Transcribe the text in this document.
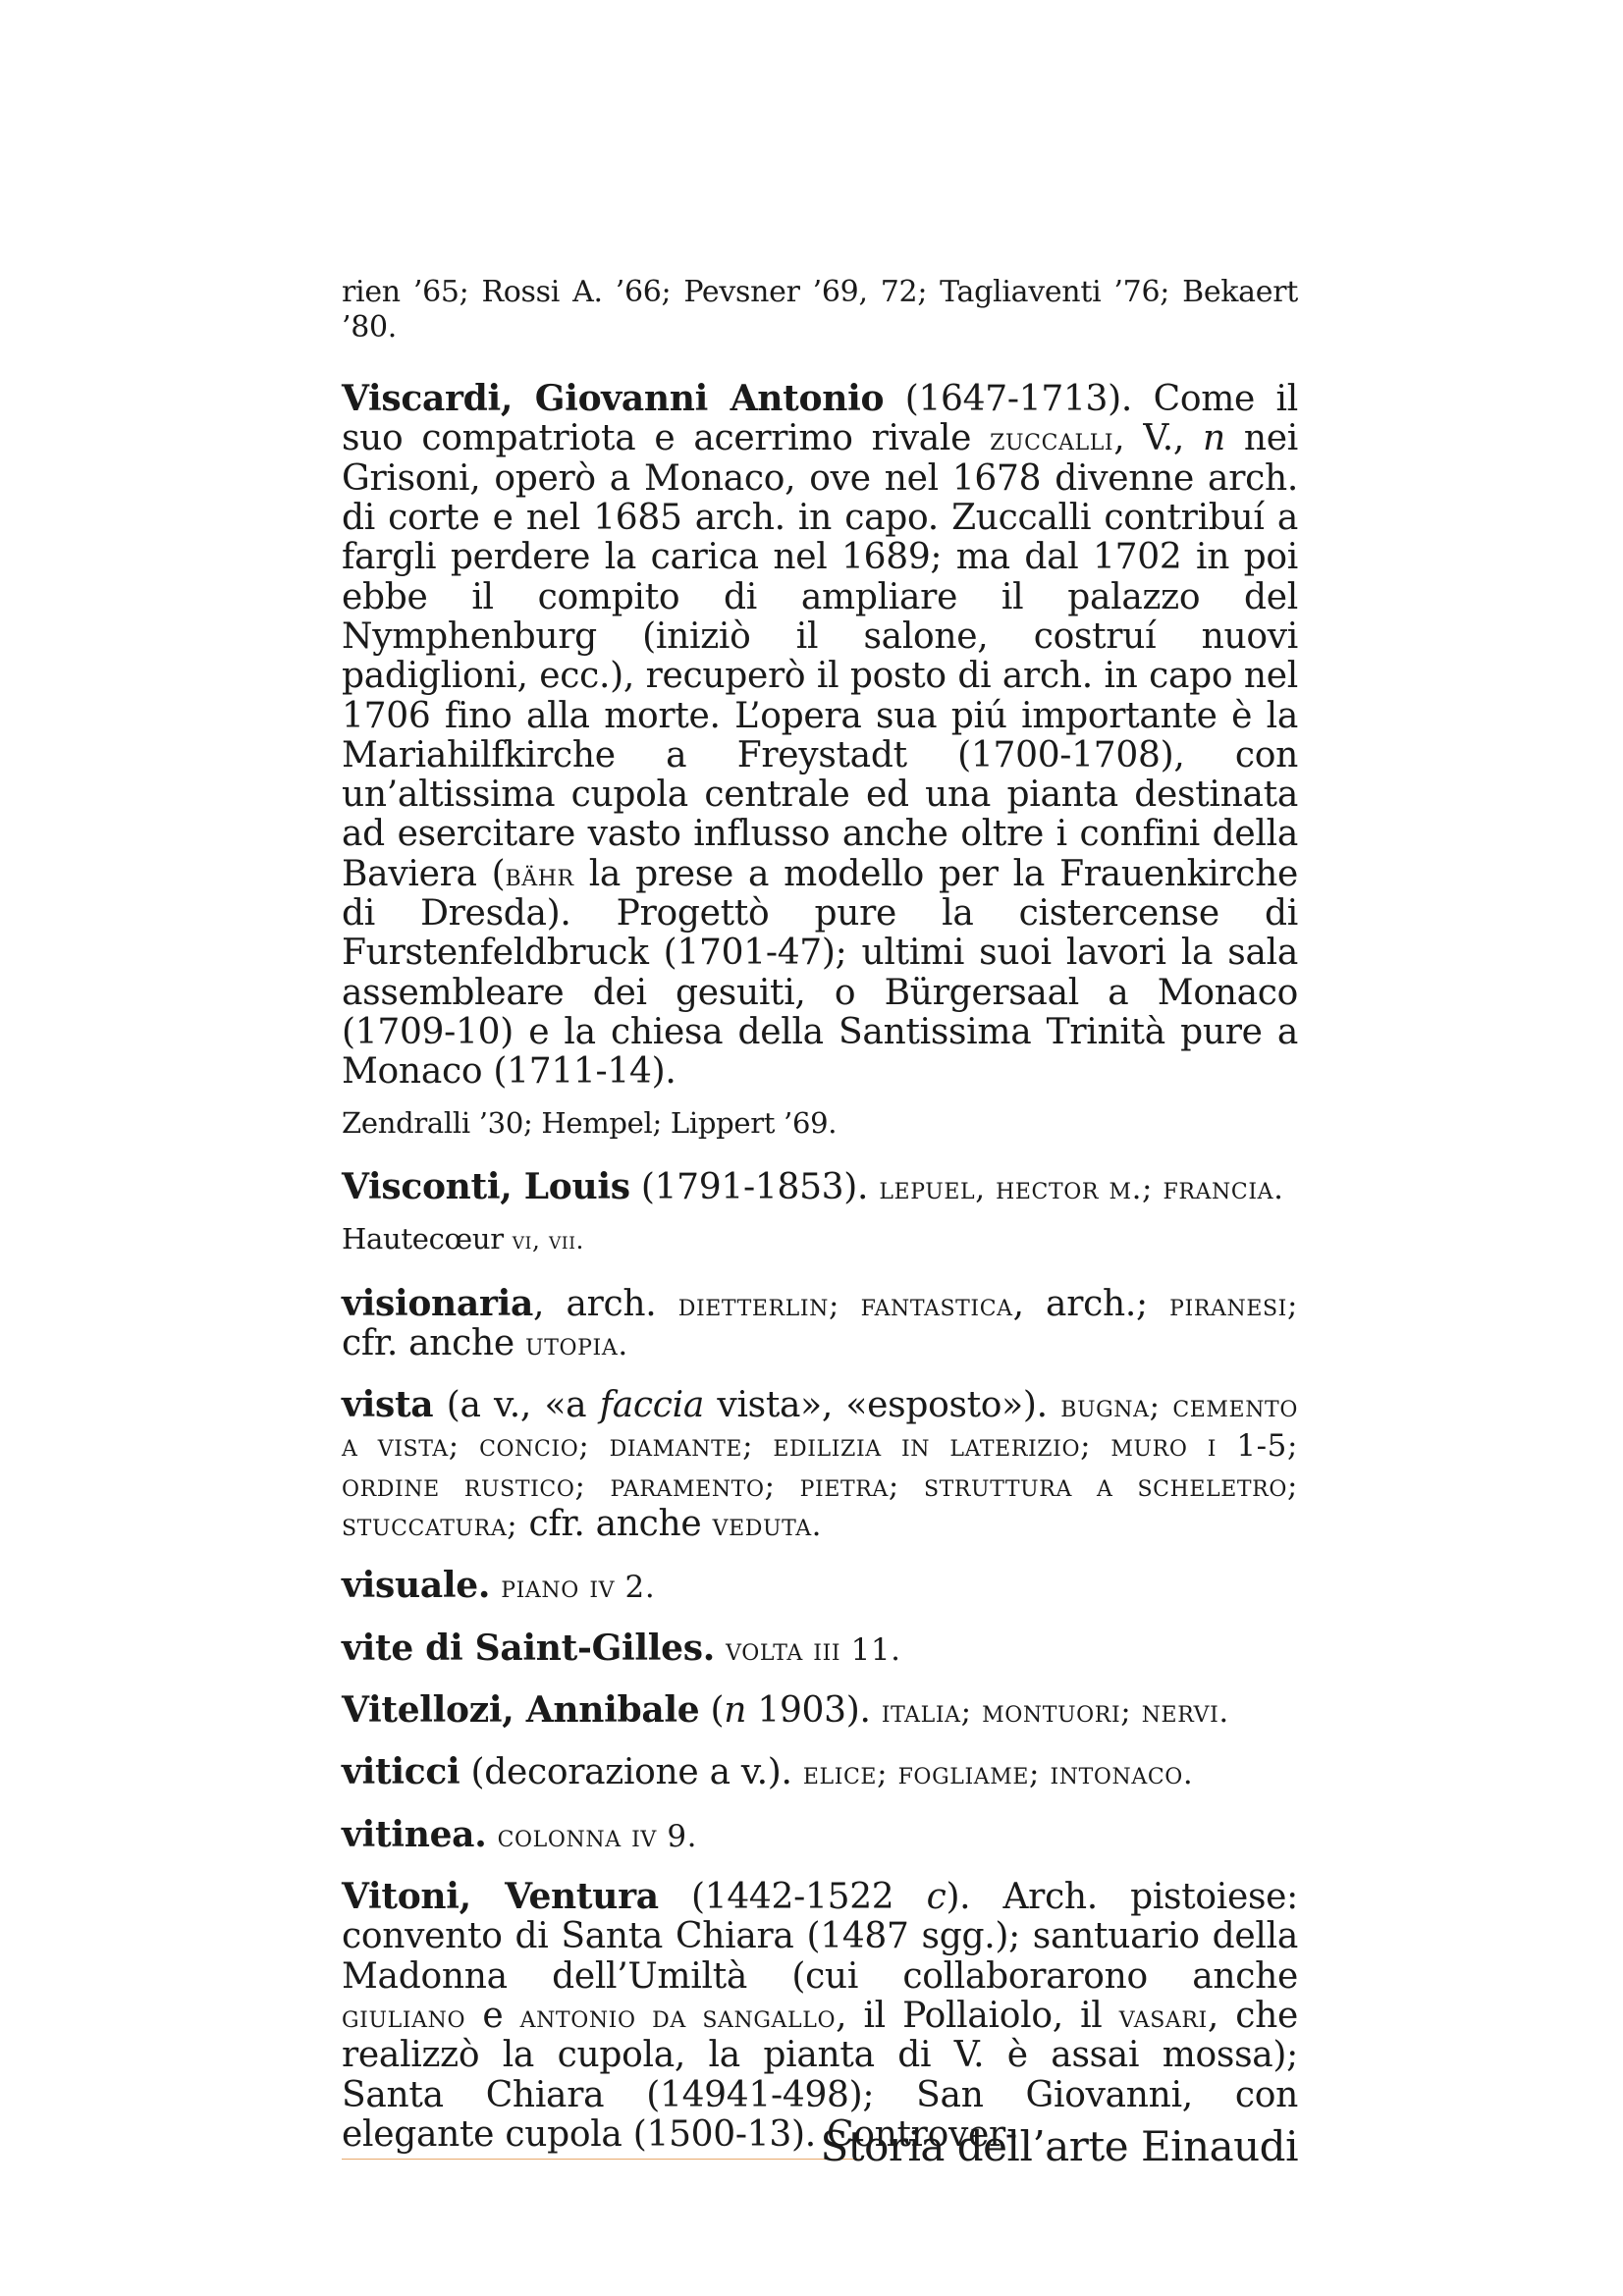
rien ’65; Rossi A. ’66; Pevsner ’69, 72; Tagliaventi ’76; Bekaert ’80.

Viscardi, Giovanni Antonio (1647-1713). Come il suo compatriota e acerrimo rivale zuccalli, V., n nei Grisoni, operò a Monaco, ove nel 1678 divenne arch. di corte e nel 1685 arch. in capo. Zuccalli contribuí a fargli perdere la carica nel 1689; ma dal 1702 in poi ebbe il compito di ampliare il palazzo del Nymphenburg (iniziò il salone, costruí nuovi padiglioni, ecc.), recuperò il posto di arch. in capo nel 1706 fino alla morte. L’opera sua piú importante è la Mariahilfkirche a Freystadt (1700-1708), con un’altissima cupola centrale ed una pianta destinata ad esercitare vasto influsso anche oltre i confini della Baviera (bähr la prese a modello per la Frauenkirche di Dresda). Progettò pure la cistercense di Furstenfeldbruck (1701-47); ultimi suoi lavori la sala assembleare dei gesuiti, o Bürgersaal a Monaco (1709-10) e la chiesa della Santissima Trinità pure a Monaco (1711-14).

Zendralli ’30; Hempel; Lippert ’69.

Visconti, Louis (1791-1853). lepuel, hector m.; francia.

Hautecœur vi, vii.

visionaria, arch. dietterlin; fantastica, arch.; piranesi; cfr. anche utopia.

vista (a v., «a faccia vista», «esposto»). bugna; cemento a vista; concio; diamante; edilizia in laterizio; muro i 1-5; ordine rustico; paramento; pietra; struttura a scheletro; stuccatura; cfr. anche veduta.

visuale. piano iv 2.

vite di Saint-Gilles. volta iii 11.

Vitellozi, Annibale (n 1903). italia; montuori; nervi.

viticci (decorazione a v.). elice; fogliame; intonaco.

vitinea. colonna iv 9.

Vitoni, Ventura (1442-1522 c). Arch. pistoiese: convento di Santa Chiara (1487 sgg.); santuario della Madonna dell’Umiltà (cui collaborarono anche giuliano e antonio da sangallo, il Pollaiolo, il vasari, che realizzò la cupola, la pianta di V. è assai mossa); Santa Chiara (14941-498); San Giovanni, con elegante cupola (1500-13). Controver-

Storia dell’arte Einaudi
